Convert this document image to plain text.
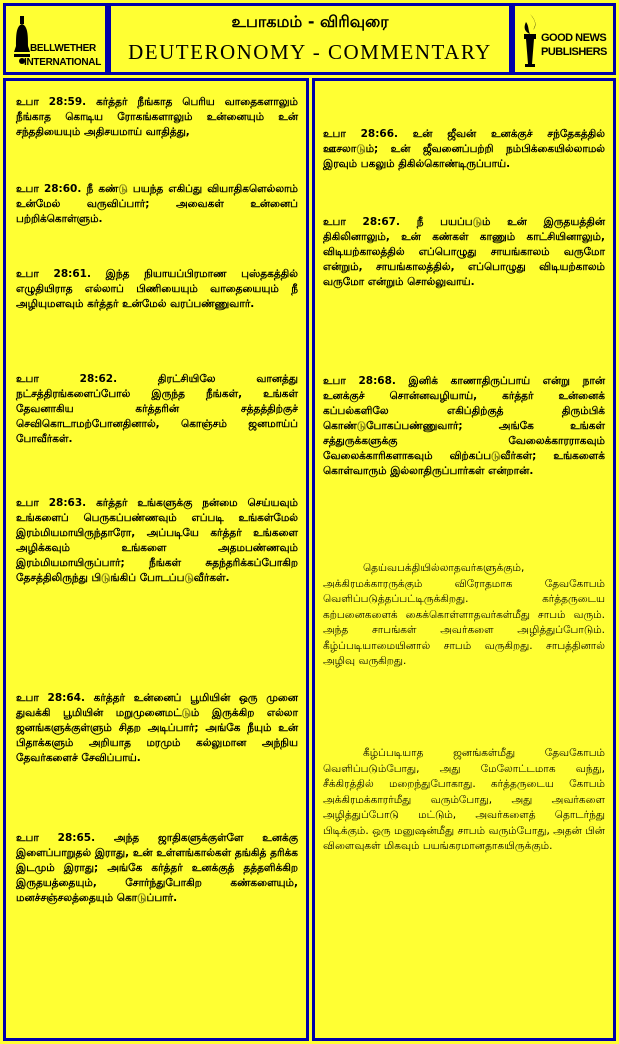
BELLWETHER
INTERNATIONAL
உபாகமம் - விரிவுரை
DEUTERONOMY - COMMENTARY
GOOD NEWS
PUBLISHERS

உபா 28:59. கர்த்தர் நீங்காத பெரிய வாதைகளாலும் நீங்காத கொடிய ரோகங்களாலும் உன்னையும் உன் சந்ததியையும் அதிசயமாய் வாதித்து,

உபா 28:60. நீ கண்டு பயந்த எகிப்து வியாதிகளெல்லாம் உன்மேல் வருவிப்பார்; அவைகள் உன்னைப் பற்றிக்கொள்ளும்.

உபா 28:61. இந்த நியாயப்பிரமாண புஸ்தகத்தில் எழுதியிராத எல்லாப் பிணியையும் வாதையையும் நீ அழியுமளவும் கர்த்தர் உன்மேல் வரப்பண்ணுவார்.

உபா 28:62. திரட்சியிலே வானத்து நட்சத்திரங்களைப்போல் இருந்த நீங்கள், உங்கள் தேவனாகிய கர்த்தரின் சத்தத்திற்குச் செவிகொடாமற்போனதினால், கொஞ்சம் ஜனமாய்ப் போவீர்கள்.

உபா 28:63. கர்த்தர் உங்களுக்கு நன்மை செய்யவும் உங்களைப் பெருகப்பண்ணவும் எப்படி உங்கள்மேல் இரம்மியமாயிருந்தாரோ, அப்படியே கர்த்தர் உங்களை அழிக்கவும் உங்களை அதமபண்ணவும் இரம்மியமாயிருப்பார்; நீங்கள் சுதந்தரிக்கப்போகிற தேசத்திலிருந்து பிடுங்கிப் போடப்படுவீர்கள்.

உபா 28:64. கர்த்தர் உன்னைப் பூமியின் ஒரு முனை துவக்கி பூமியின் மறுமுனைமட்டும் இருக்கிற எல்லா ஜனங்களுக்குள்ளும் சிதற அடிப்பார்; அங்கே நீயும் உன் பிதாக்களும் அறியாத மரமும் கல்லுமான அந்நிய தேவர்களைச் சேவிப்பாய்.

உபா 28:65. அந்த ஜாதிகளுக்குள்ளே உனக்கு இளைப்பாறுதல் இராது, உன் உள்ளங்கால்கள் தங்கித் தரிக்க இடமும் இராது; அங்கே கர்த்தர் உனக்குத் தத்தளிக்கிற இருதயத்தையும், சோர்ந்துபோகிற கண்களையும், மனச்சஞ்சலத்தையும் கொடுப்பார்.

உபா 28:66. உன் ஜீவன் உனக்குச் சந்தேகத்தில் ஊசலாடும்; உன் ஜீவனைப்பற்றி நம்பிக்கையில்லாமல் இரவும் பகலும் திகில்கொண்டிருப்பாய்.

உபா 28:67. நீ பயப்படும் உன் இருதயத்தின் திகிலினாலும், உன் கண்கள் காணும் காட்சியினாலும், விடியற்காலத்தில் எப்பொழுது சாயங்காலம் வருமோ என்றும், சாயங்காலத்தில், எப்பொழுது விடியற்காலம் வருமோ என்றும் சொல்லுவாய்.

உபா 28:68. இனிக் காணாதிருப்பாய் என்று நான் உனக்குச் சொன்னவழியாய், கர்த்தர் உன்னைக் கப்பல்களிலே எகிப்திற்குத் திரும்பிக் கொண்டுபோகப்பண்ணுவார்; அங்கே உங்கள் சத்துருக்களுக்கு வேலைக்காரராகவும் வேலைக்காரிகளாகவும் விற்கப்படுவீர்கள்; உங்களைக் கொள்வாரும் இல்லாதிருப்பார்கள் என்றான்.

தெய்வபக்தியில்லாதவர்களுக்கும், அக்கிரமக்காரருக்கும் விரோதமாக தேவகோபம் வெளிப்படுத்தப்பட்டிருக்கிறது. கர்த்தருடைய கற்பனைகளைக் கைக்கொள்ளாதவர்கள்மீது சாபம் வரும். அந்த சாபங்கள் அவர்களை அழித்துப்போடும். கீழ்ப்படியாமையினால் சாபம் வருகிறது. சாபத்தினால் அழிவு வருகிறது.

கீழ்ப்படியாத ஜனங்கள்மீது தேவகோபம் வெளிப்படும்போது, அது மேலோட்டமாக வந்து, சீக்கிரத்தில் மறைந்துபோகாது. கர்த்தருடைய கோபம் அக்கிரமக்காரர்மீது வரும்போது, அது அவர்களை அழித்துப்போடு மட்டும், அவர்களைத் தொடர்ந்து பிடிக்கும். ஒரு மனுஷன்மீது சாபம் வரும்போது, அதன் பின் விளைவுகள் மிகவும் பயங்கரமானதாகயிருக்கும்.
